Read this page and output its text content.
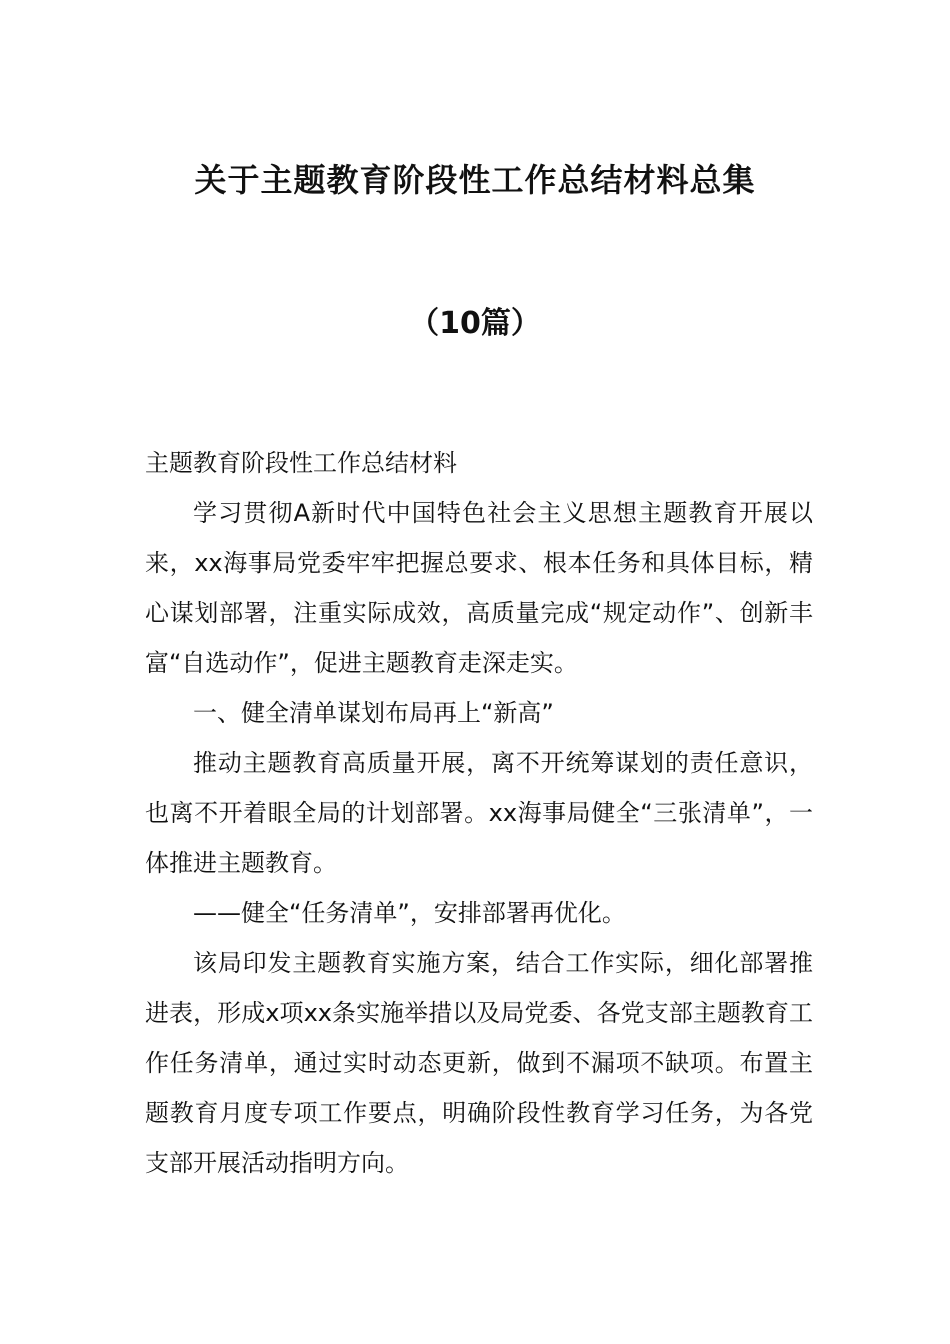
关于主题教育阶段性工作总结材料总集
（10篇）

主题教育阶段性工作总结材料

学习贯彻A新时代中国特色社会主义思想主题教育开展以来，xx海事局党委牢牢把握总要求、根本任务和具体目标，精心谋划部署，注重实际成效，高质量完成“规定动作”、创新丰富“自选动作”，促进主题教育走深走实。

一、健全清单谋划布局再上“新高”

推动主题教育高质量开展，离不开统筹谋划的责任意识，也离不开着眼全局的计划部署。xx海事局健全“三张清单”，一体推进主题教育。

——健全“任务清单”，安排部署再优化。

该局印发主题教育实施方案，结合工作实际，细化部署推进表，形成x项xx条实施举措以及局党委、各党支部主题教育工作任务清单，通过实时动态更新，做到不漏项不缺项。布置主题教育月度专项工作要点，明确阶段性教育学习任务，为各党支部开展活动指明方向。
